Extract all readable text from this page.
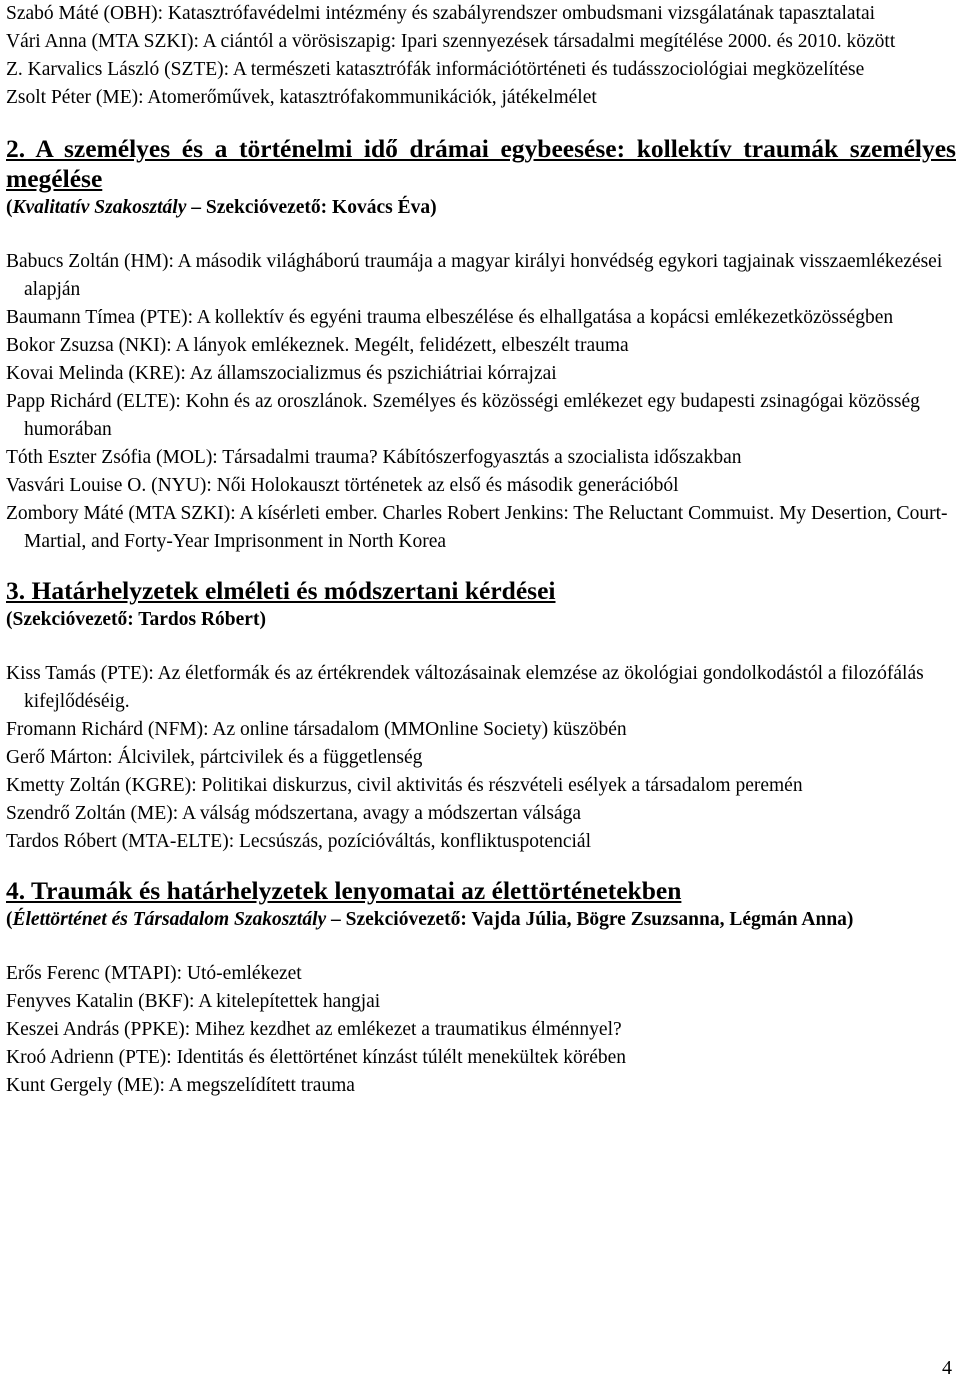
Szabó Máté (OBH): Katasztrófavédelmi intézmény és szabályrendszer ombudsmani vizsgálatának tapasztalatai

Vári Anna (MTA SZKI): A ciántól a vörösiszapig: Ipari szennyezések társadalmi megítélése 2000. és 2010. között

Z. Karvalics László (SZTE): A természeti katasztrófák információtörténeti és tudásszociológiai megközelítése

Zsolt Péter (ME): Atomerőművek, katasztrófakommunikációk, játékelmélet

2. A személyes és a történelmi idő drámai egybeesése: kollektív traumák személyes megélése

(Kvalitatív Szakosztály – Szekcióvezető: Kovács Éva)

Babucs Zoltán (HM): A második világháború traumája a magyar királyi honvédség egykori tagjainak visszaemlékezései alapján

Baumann Tímea (PTE): A kollektív és egyéni trauma elbeszélése és elhallgatása a kopácsi emlékezetközösségben

Bokor Zsuzsa (NKI): A lányok emlékeznek. Megélt, felidézett, elbeszélt trauma

Kovai Melinda (KRE): Az államszocializmus és pszichiátriai kórrajzai

Papp Richárd (ELTE): Kohn és az oroszlánok. Személyes és közösségi emlékezet egy budapesti zsinagógai közösség humorában

Tóth Eszter Zsófia (MOL): Társadalmi trauma? Kábítószerfogyasztás a szocialista időszakban

Vasvári Louise O. (NYU): Női Holokauszt történetek az első és második generációból

Zombory Máté (MTA SZKI): A kísérleti ember. Charles Robert Jenkins: The Reluctant Commuist. My Desertion, Court-Martial, and Forty-Year Imprisonment in North Korea

3. Határhelyzetek elméleti és módszertani kérdései

(Szekcióvezető: Tardos Róbert)

Kiss Tamás (PTE): Az életformák és az értékrendek változásainak elemzése az ökológiai gondolkodástól a filozófálás kifejlődéséig.

Fromann Richárd (NFM): Az online társadalom (MMOnline Society) küszöbén

Gerő Márton: Álcivilek, pártcivilek és a függetlenség

Kmetty Zoltán (KGRE): Politikai diskurzus, civil aktivitás és részvételi esélyek a társadalom peremén

Szendrő Zoltán (ME): A válság módszertana, avagy a módszertan válsága

Tardos Róbert (MTA-ELTE): Lecsúszás, pozícióváltás, konfliktuspotenciál

4. Traumák és határhelyzetek lenyomatai az élettörténetekben

(Élettörténet és Társadalom Szakosztály – Szekcióvezető: Vajda Júlia, Bögre Zsuzsanna, Légmán Anna)

Erős Ferenc (MTAPI): Utó-emlékezet

Fenyves Katalin (BKF): A kitelepítettek hangjai

Keszei András (PPKE): Mihez kezdhet az emlékezet a traumatikus élménnyel?

Kroó Adrienn (PTE): Identitás és élettörténet kínzást túlélt menekültek körében

Kunt Gergely (ME): A megszelídített trauma

4
